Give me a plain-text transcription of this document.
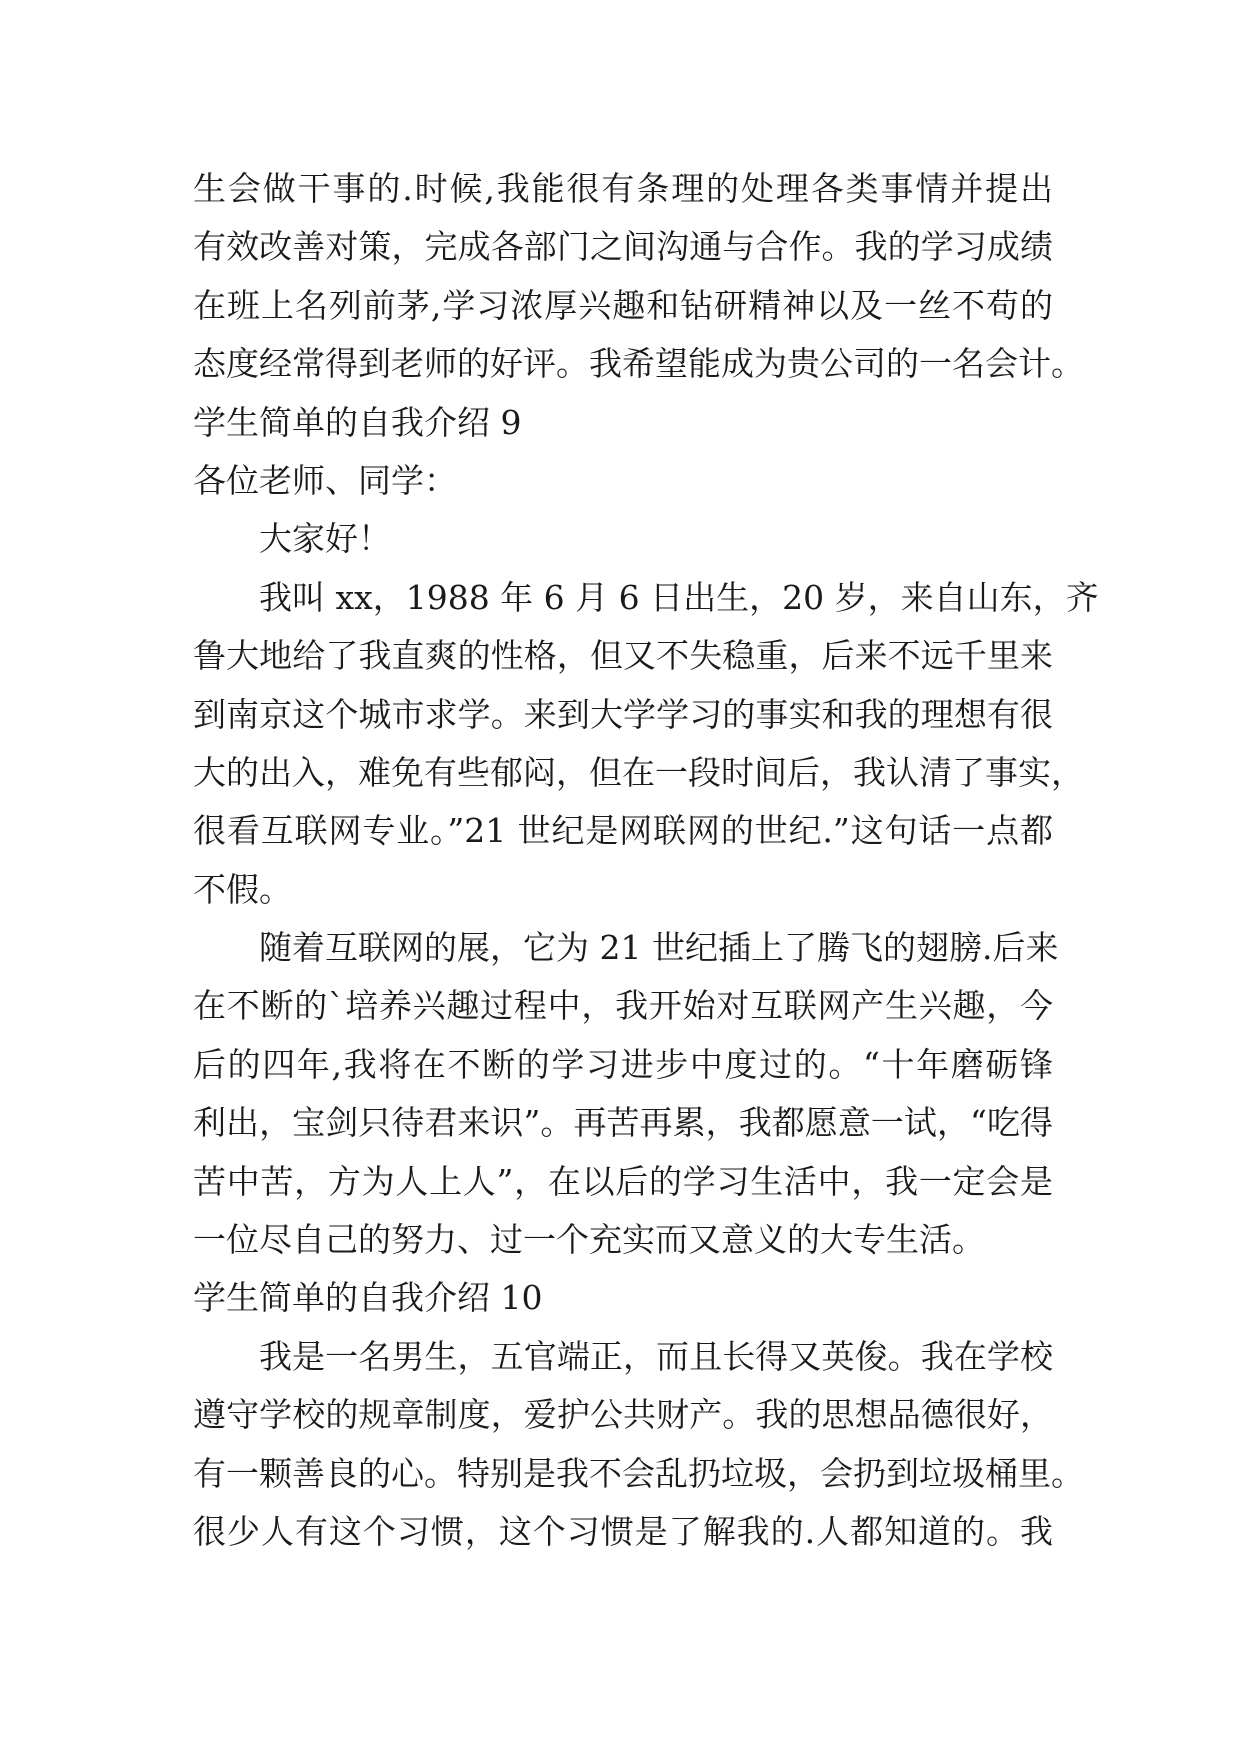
生会做干事的.时候,我能很有条理的处理各类事情并提出
有效改善对策，完成各部门之间沟通与合作。我的学习成绩
在班上名列前茅,学习浓厚兴趣和钻研精神以及一丝不苟的
态度经常得到老师的好评。我希望能成为贵公司的一名会计。
学生简单的自我介绍 9
各位老师、同学：
大家好！
我叫 xx，1988 年 6 月 6 日出生，20 岁，来自山东，齐
鲁大地给了我直爽的性格，但又不失稳重，后来不远千里来
到南京这个城市求学。来到大学学习的事实和我的理想有很
大的出入，难免有些郁闷，但在一段时间后，我认清了事实，
很看互联网专业。”21 世纪是网联网的世纪.”这句话一点都
不假。
随着互联网的展，它为 21 世纪插上了腾飞的翅膀.后来
在不断的`培养兴趣过程中，我开始对互联网产生兴趣，今
后的四年,我将在不断的学习进步中度过的。“十年磨砺锋
利出，宝剑只待君来识”。再苦再累，我都愿意一试，“吃得
苦中苦，方为人上人”，在以后的学习生活中，我一定会是
一位尽自己的努力、过一个充实而又意义的大专生活。
学生简单的自我介绍 10
我是一名男生，五官端正，而且长得又英俊。我在学校
遵守学校的规章制度，爱护公共财产。我的思想品德很好，
有一颗善良的心。特别是我不会乱扔垃圾，会扔到垃圾桶里。
很少人有这个习惯，这个习惯是了解我的.人都知道的。我
